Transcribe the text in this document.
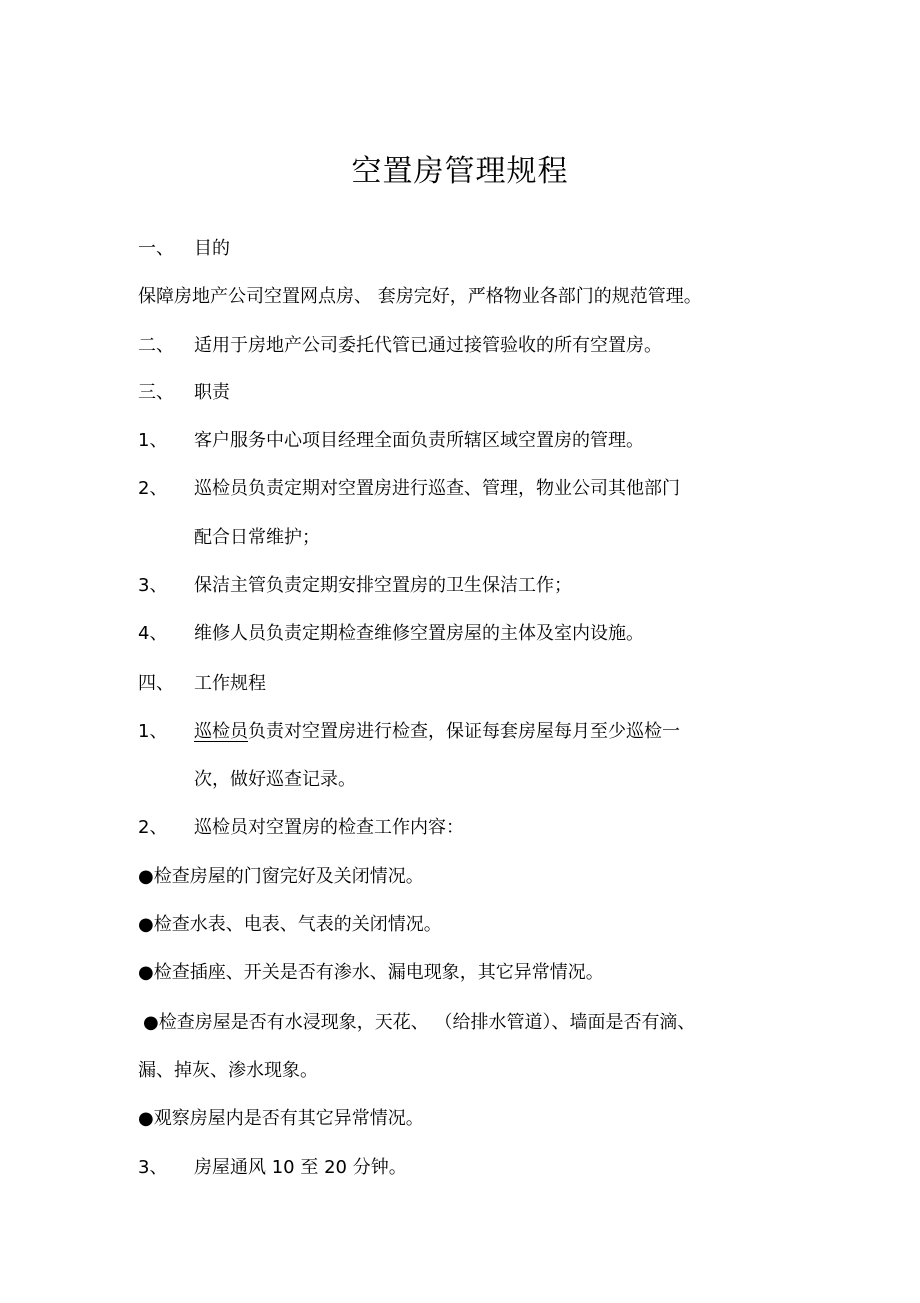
空置房管理规程
一、 目的
保障房地产公司空置网点房、 套房完好，严格物业各部门的规范管理。
二、 适用于房地产公司委托代管已通过接管验收的所有空置房。
三、 职责
1、 客户服务中心项目经理全面负责所辖区域空置房的管理。
2、 巡检员负责定期对空置房进行巡查、管理，物业公司其他部门
配合日常维护；
3、 保洁主管负责定期安排空置房的卫生保洁工作；
4、 维修人员负责定期检查维修空置房屋的主体及室内设施。
四、 工作规程
1、 巡检员负责对空置房进行检查，保证每套房屋每月至少巡检一
次，做好巡查记录。
2、 巡检员对空置房的检查工作内容：
●检查房屋的门窗完好及关闭情况。
●检查水表、电表、气表的关闭情况。
●检查插座、开关是否有渗水、漏电现象，其它异常情况。
●检查房屋是否有水浸现象，天花、 （给排水管道）、墙面是否有滴、
漏、掉灰、渗水现象。
●观察房屋内是否有其它异常情况。
3、 房屋通风 10 至 20 分钟。
